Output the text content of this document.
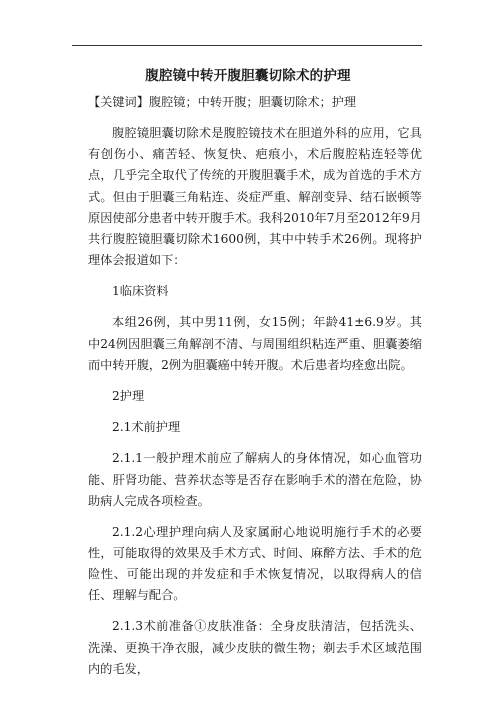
腹腔镜中转开腹胆囊切除术的护理

【关键词】腹腔镜；中转开腹；胆囊切除术；护理

腹腔镜胆囊切除术是腹腔镜技术在胆道外科的应用，它具有创伤小、痛苦轻、恢复快、疤痕小，术后腹腔粘连轻等优点，几乎完全取代了传统的开腹胆囊手术，成为首选的手术方式。但由于胆囊三角粘连、炎症严重、解剖变异、结石嵌顿等原因使部分患者中转开腹手术。我科2010年7月至2012年9月共行腹腔镜胆囊切除术1600例，其中中转手术26例。现将护理体会报道如下：

1临床资料

本组26例，其中男11例，女15例；年龄41±6.9岁。其中24例因胆囊三角解剖不清、与周围组织粘连严重、胆囊萎缩而中转开腹，2例为胆囊癌中转开腹。术后患者均痊愈出院。

2护理

2.1术前护理

2.1.1一般护理术前应了解病人的身体情况，如心血管功能、肝肾功能、营养状态等是否存在影响手术的潜在危险，协助病人完成各项检查。

2.1.2心理护理向病人及家属耐心地说明施行手术的必要性，可能取得的效果及手术方式、时间、麻醉方法、手术的危险性、可能出现的并发症和手术恢复情况，以取得病人的信任、理解与配合。

2.1.3术前准备①皮肤准备：全身皮肤清洁，包括洗头、洗澡、更换干净衣服，减少皮肤的微生物；剃去手术区域范围内的毛发，
